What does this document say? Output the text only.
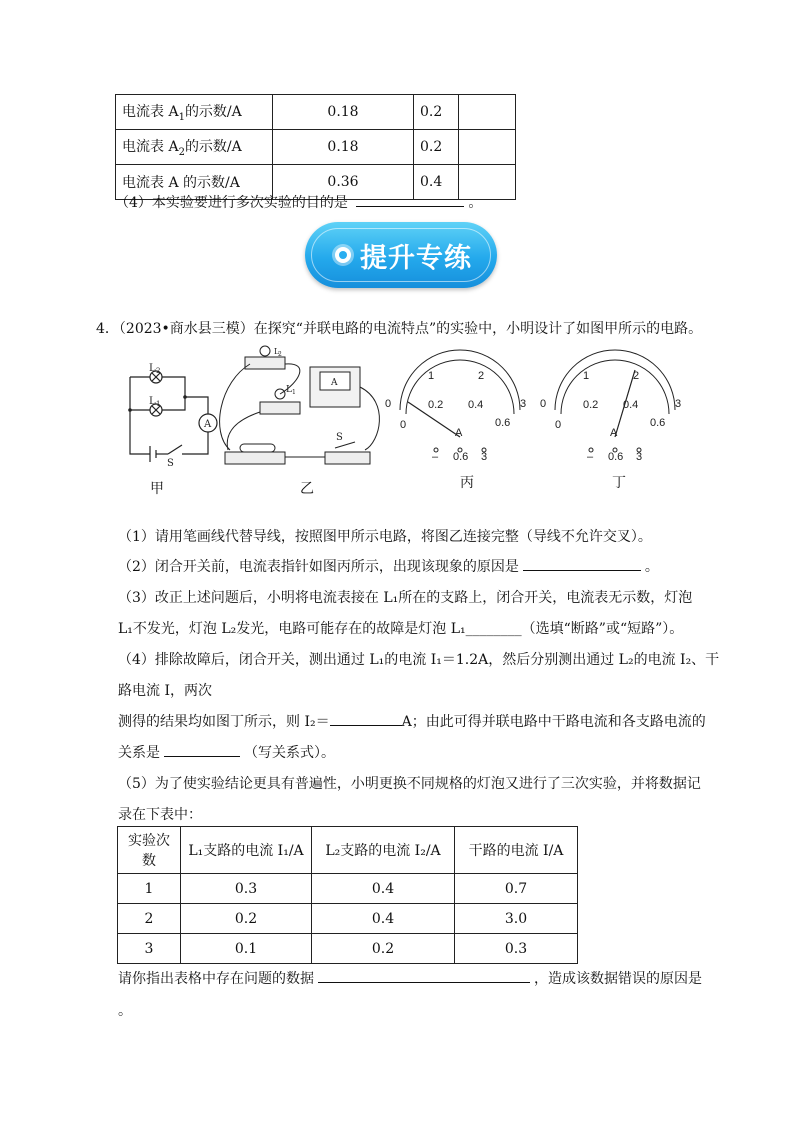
电流表 $A_1$的示数/A	0.18	0.2	
电流表 $A_2$的示数/A	0.18	0.2	
电流表 A 的示数/A	0.36	0.4	
（4）本实验要进行多次实验的目的是	。
提升专练
4．（2023•商水县三模）在探究“并联电路的电流特点”的实验中，小明设计了如图甲所示的电路。
L 2
L 1
A
S
L
2
L 1
A
S
0
1	2
3
0
0.2 0.4
0.6
A
– 0.6 3
0
1	2
3
0
0.2 0.4
0.6
A
– 0.6 3
甲	乙	丙	丁
（1）请用笔画线代替导线，按照图甲所示电路，将图乙连接完整（导线不允许交叉）。
（2）闭合开关前，电流表指针如图丙所示，出现该现象的原因是	。
（3）改正上述问题后，小明将电流表接在 L₁所在的支路上，闭合开关，电流表无示数，灯泡
L₁不发光，灯泡 L₂发光，电路可能存在的故障是灯泡 L₁________（选填“断路”或“短路”）。
（4）排除故障后，闭合开关，测出通过 L₁的电流 I₁＝1.2A，然后分别测出通过 L₂的电流 I₂、干
路电流 I，两次
测得的结果均如图丁所示，则 I₂＝	A；由此可得并联电路中干路电流和各支路电流的
关系是	（写关系式）。
（5）为了使实验结论更具有普遍性，小明更换不同规格的灯泡又进行了三次实验，并将数据记
录在下表中：
实验次数	L₁支路的电流 I₁/A	L₂支路的电流 I₂/A	干路的电流 I/A
1	0.3	0.4	0.7
2	0.2	0.4	3.0
3	0.1	0.2	0.3
请你指出表格中存在问题的数据	，造成该数据错误的原因是
。
